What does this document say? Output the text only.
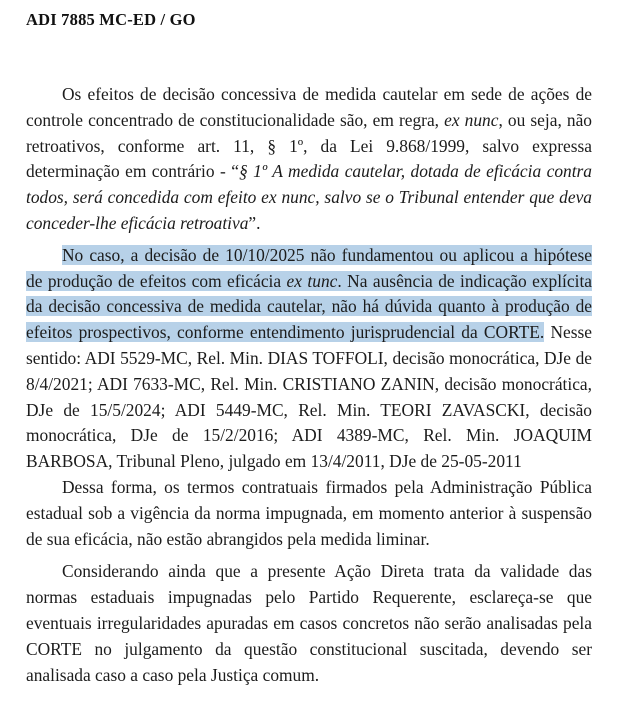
ADI 7885 MC-ED / GO

Os efeitos de decisão concessiva de medida cautelar em sede de ações de controle concentrado de constitucionalidade são, em regra, ex nunc, ou seja, não retroativos, conforme art. 11, § 1º, da Lei 9.868/1999, salvo expressa determinação em contrário - “§ 1º A medida cautelar, dotada de eficácia contra todos, será concedida com efeito ex nunc, salvo se o Tribunal entender que deva conceder-lhe eficácia retroativa”.

No caso, a decisão de 10/10/2025 não fundamentou ou aplicou a hipótese de produção de efeitos com eficácia ex tunc. Na ausência de indicação explícita da decisão concessiva de medida cautelar, não há dúvida quanto à produção de efeitos prospectivos, conforme entendimento jurisprudencial da CORTE. Nesse sentido: ADI 5529-MC, Rel. Min. DIAS TOFFOLI, decisão monocrática, DJe de 8/4/2021; ADI 7633-MC, Rel. Min. CRISTIANO ZANIN, decisão monocrática, DJe de 15/5/2024; ADI 5449-MC, Rel. Min. TEORI ZAVASCKI, decisão monocrática, DJe de 15/2/2016; ADI 4389-MC, Rel. Min. JOAQUIM BARBOSA, Tribunal Pleno, julgado em 13/4/2011, DJe de 25-05-2011

Dessa forma, os termos contratuais firmados pela Administração Pública estadual sob a vigência da norma impugnada, em momento anterior à suspensão de sua eficácia, não estão abrangidos pela medida liminar.

Considerando ainda que a presente Ação Direta trata da validade das normas estaduais impugnadas pelo Partido Requerente, esclareça-se que eventuais irregularidades apuradas em casos concretos não serão analisadas pela CORTE no julgamento da questão constitucional suscitada, devendo ser analisada caso a caso pela Justiça comum.
